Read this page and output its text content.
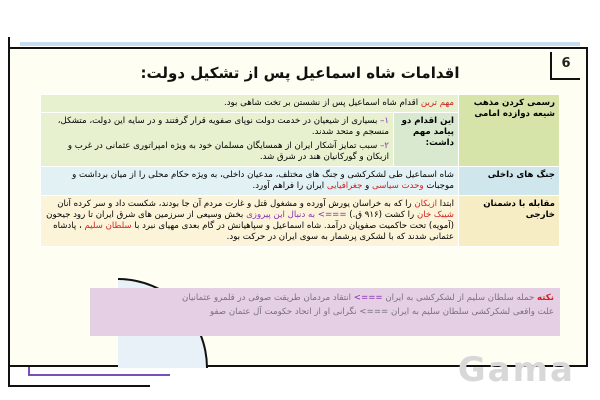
6
اقدامات شاه اسماعیل پس از تشکیل دولت:
رسمی کردن مذهب شیعه دوازده امامی	مهم ترین اقدام شاه اسماعیل پس از نشستن بر تخت شاهی بود.	
	این اقدام دو پیامد مهم داشت:	۱– بسیاری از شیعیان در خدمت دولت نوپای صفویه قرار گرفتند و در سایه این دولت، متشکل، منسجم و متحد شدند.
۲– سبب تمایز آشکار ایران از همسایگان مسلمان خود به ویژه امپراتوری عثمانی در غرب و ازبکان و گورکانیان هند در شرق شد.

جنگ های داخلی	شاه اسماعیل طی لشکرکشی و جنگ های مختلف، مدعیان داخلی، به ویژه حکام محلی را از میان برداشت و موجبات وحدت سیاسی و جغرافیایی ایران را فراهم آورد.	
مقابله با دشمنان خارجی	ابتدا ازبکان را که به خراسان یورش آورده و مشغول قتل و غارت مردم آن جا بودند، شکست داد و سر کرده آنان شیبک خان را کشت (۹۱۶ ق.) ===> به دنبال این پیروزی بخش وسیعی از سرزمین های شرق ایران تا رود جیحون (آمویه) تحت حاکمیت صفویان درآمد. شاه اسماعیل و سپاهیانش در گام بعدی مهیای نبرد با سلطان سلیم ، پادشاه عثمانی شدند که با لشکری پرشمار به سوی ایران در حرکت بود.	
نکته حمله سلطان سلیم از لشکرکشی به ایران ===> انتقاد مردمان طریقت صوفی در قلمرو عثمانیان
علت واقعی لشکرکشی سلطان سلیم به ایران ===> نگرانی او از اتحاد حکومت آل عثمان صفو
Gama
